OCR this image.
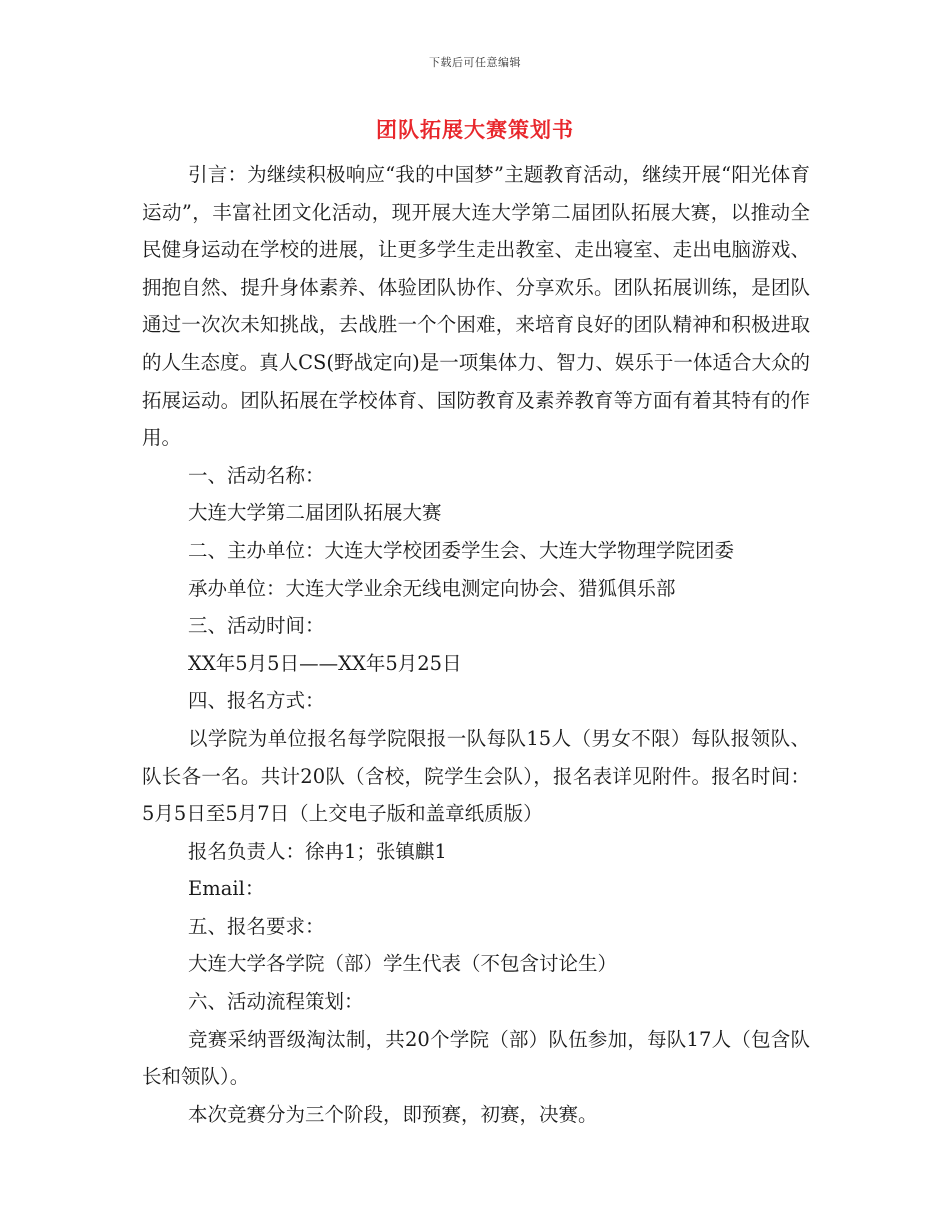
下载后可任意编辑
团队拓展大赛策划书

引言：为继续积极响应“我的中国梦”主题教育活动，继续开展“阳光体育运动”，丰富社团文化活动，现开展大连大学第二届团队拓展大赛，以推动全民健身运动在学校的进展，让更多学生走出教室、走出寝室、走出电脑游戏、拥抱自然、提升身体素养、体验团队协作、分享欢乐。团队拓展训练，是团队通过一次次未知挑战，去战胜一个个困难，来培育良好的团队精神和积极进取的人生态度。真人CS(野战定向)是一项集体力、智力、娱乐于一体适合大众的拓展运动。团队拓展在学校体育、国防教育及素养教育等方面有着其特有的作用。

一、活动名称：

大连大学第二届团队拓展大赛

二、主办单位：大连大学校团委学生会、大连大学物理学院团委

承办单位：大连大学业余无线电测定向协会、猎狐俱乐部

三、活动时间：

XX年5月5日——XX年5月25日

四、报名方式：

以学院为单位报名每学院限报一队每队15人（男女不限）每队报领队、队长各一名。共计20队（含校，院学生会队），报名表详见附件。报名时间：5月5日至5月7日（上交电子版和盖章纸质版）

报名负责人：徐冉1；张镇麒1

Email：

五、报名要求：

大连大学各学院（部）学生代表（不包含讨论生）

六、活动流程策划：

竞赛采纳晋级淘汰制，共20个学院（部）队伍参加，每队17人（包含队长和领队）。

本次竞赛分为三个阶段，即预赛，初赛，决赛。
